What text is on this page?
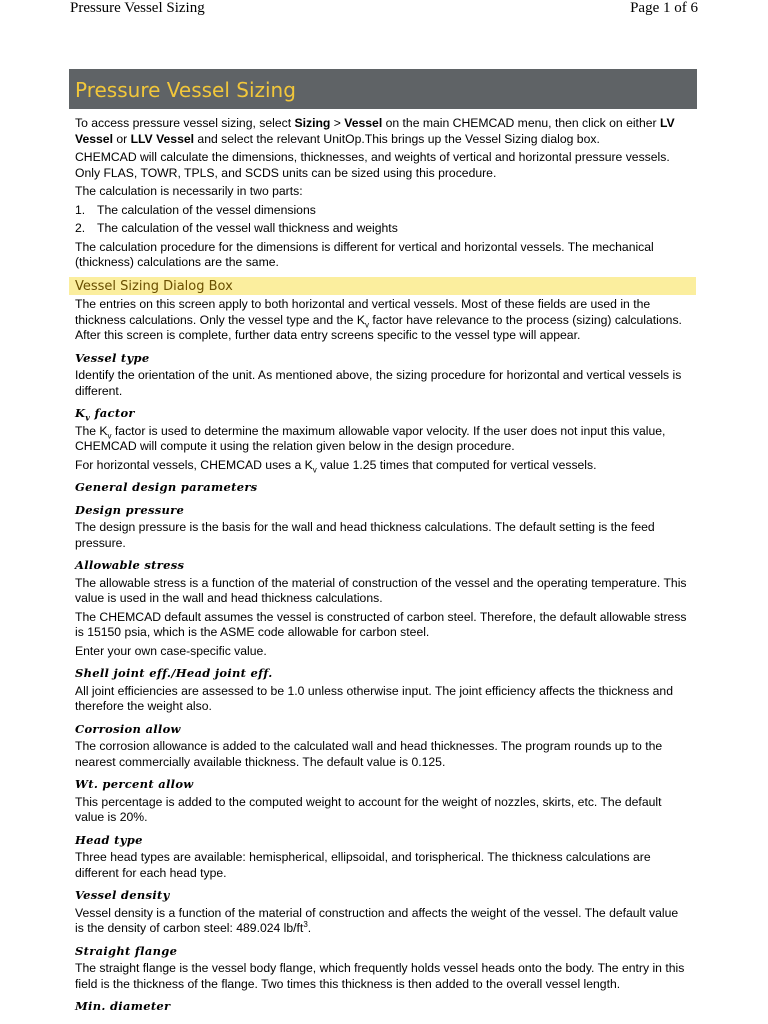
Pressure Vessel Sizing	Page 1 of 6
Pressure Vessel Sizing

To access pressure vessel sizing, select Sizing > Vessel on the main CHEMCAD menu, then click on either LV Vessel or LLV Vessel and select the relevant UnitOp.This brings up the Vessel Sizing dialog box.

CHEMCAD will calculate the dimensions, thicknesses, and weights of vertical and horizontal pressure vessels. Only FLAS, TOWR, TPLS, and SCDS units can be sized using this procedure.

The calculation is necessarily in two parts:

1. The calculation of the vessel dimensions
2. The calculation of the vessel wall thickness and weights

The calculation procedure for the dimensions is different for vertical and horizontal vessels. The mechanical (thickness) calculations are the same.

Vessel Sizing Dialog Box

The entries on this screen apply to both horizontal and vertical vessels. Most of these fields are used in the thickness calculations. Only the vessel type and the $K_v$ factor have relevance to the process (sizing) calculations. After this screen is complete, further data entry screens specific to the vessel type will appear.

Vessel type

Identify the orientation of the unit. As mentioned above, the sizing procedure for horizontal and vertical vessels is different.

$K_v$ factor

The $K_v$ factor is used to determine the maximum allowable vapor velocity. If the user does not input this value, CHEMCAD will compute it using the relation given below in the design procedure.

For horizontal vessels, CHEMCAD uses a $K_v$ value 1.25 times that computed for vertical vessels.

General design parameters
Design pressure

The design pressure is the basis for the wall and head thickness calculations. The default setting is the feed pressure.

Allowable stress

The allowable stress is a function of the material of construction of the vessel and the operating temperature. This value is used in the wall and head thickness calculations.

The CHEMCAD default assumes the vessel is constructed of carbon steel. Therefore, the default allowable stress is 15150 psia, which is the ASME code allowable for carbon steel.

Enter your own case-specific value.

Shell joint eff./Head joint eff.

All joint efficiencies are assessed to be 1.0 unless otherwise input. The joint efficiency affects the thickness and therefore the weight also.

Corrosion allow

The corrosion allowance is added to the calculated wall and head thicknesses. The program rounds up to the nearest commercially available thickness. The default value is 0.125.

Wt. percent allow

This percentage is added to the computed weight to account for the weight of nozzles, skirts, etc. The default value is 20%.

Head type

Three head types are available: hemispherical, ellipsoidal, and torispherical. The thickness calculations are different for each head type.

Vessel density

Vessel density is a function of the material of construction and affects the weight of the vessel. The default value is the density of carbon steel: 489.024 $lb/ft^3$.

Straight flange

The straight flange is the vessel body flange, which frequently holds vessel heads onto the body. The entry in this field is the thickness of the flange. Two times this thickness is then added to the overall vessel length.

Min. diameter
